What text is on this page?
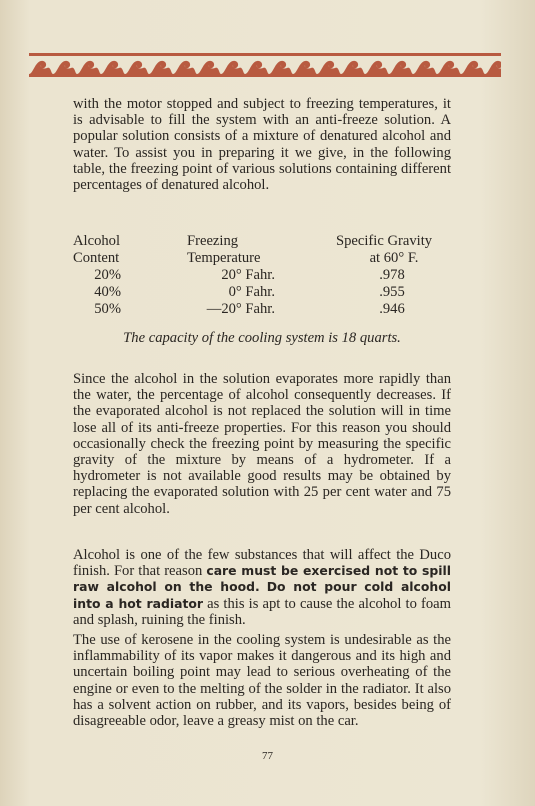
with the motor stopped and subject to freezing temperatures, it is advisable to fill the system with an anti-freeze solution. A popular solution consists of a mixture of denatured alcohol and water. To assist you in preparing it we give, in the following table, the freezing point of various solutions containing different percentages of denatured alcohol.
Alcohol	Freezing	Specific Gravity
Content	Temperature	at 60° F.
20%	20° Fahr.	.978
40%	0° Fahr.	.955
50%	—20° Fahr.	.946
The capacity of the cooling system is 18 quarts.
Since the alcohol in the solution evaporates more rapidly than the water, the percentage of alcohol consequently decreases. If the evaporated alcohol is not replaced the solution will in time lose all of its anti-freeze properties. For this reason you should occasionally check the freezing point by measuring the specific gravity of the mixture by means of a hydrometer. If a hydrometer is not available good results may be obtained by replacing the evaporated solution with 25 per cent water and 75 per cent alcohol.
Alcohol is one of the few substances that will affect the Duco finish. For that reason care must be exercised not to spill raw alcohol on the hood. Do not pour cold alcohol into a hot radiator as this is apt to cause the alcohol to foam and splash, ruining the finish.
The use of kerosene in the cooling system is undesirable as the inflammability of its vapor makes it dangerous and its high and uncertain boiling point may lead to serious overheating of the engine or even to the melting of the solder in the radiator. It also has a solvent action on rubber, and its vapors, besides being of disagreeable odor, leave a greasy mist on the car.
77
